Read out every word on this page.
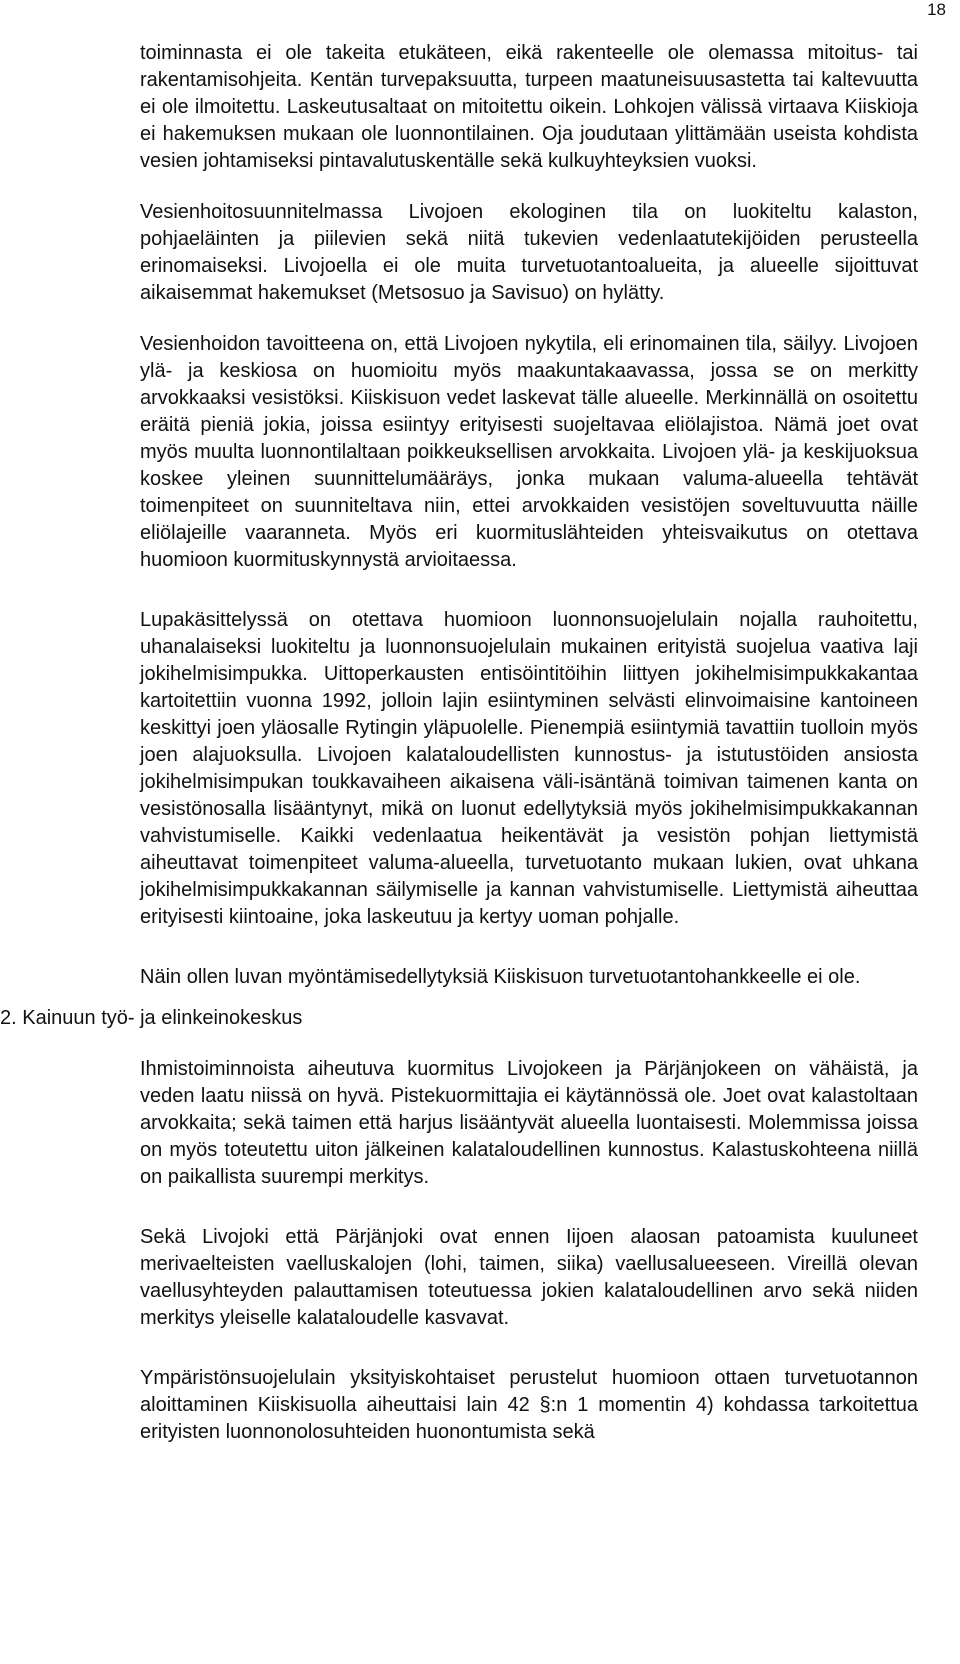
18

toiminnasta ei ole takeita etukäteen, eikä rakenteelle ole olemassa mitoitus- tai rakentamisohjeita. Kentän turvepaksuutta, turpeen maatuneisuusastetta tai kaltevuutta ei ole ilmoitettu. Laskeutusaltaat on mitoitettu oikein. Lohkojen välissä virtaava Kiiskioja ei hakemuksen mukaan ole luonnontilainen. Oja joudutaan ylittämään useista kohdista vesien johtamiseksi pintavalutuskentälle sekä kulkuyhteyksien vuoksi.

Vesienhoitosuunnitelmassa Livojoen ekologinen tila on luokiteltu kalaston, pohjaeläinten ja piilevien sekä niitä tukevien vedenlaatutekijöiden perusteella erinomaiseksi. Livojoella ei ole muita turvetuotantoalueita, ja alueelle sijoittuvat aikaisemmat hakemukset (Metsosuo ja Savisuo) on hylätty.

Vesienhoidon tavoitteena on, että Livojoen nykytila, eli erinomainen tila, säilyy. Livojoen ylä- ja keskiosa on huomioitu myös maakuntakaavassa, jossa se on merkitty arvokkaaksi vesistöksi. Kiiskisuon vedet laskevat tälle alueelle. Merkinnällä on osoitettu eräitä pieniä jokia, joissa esiintyy erityisesti suojeltavaa eliölajistoa. Nämä joet ovat myös muulta luonnontilaltaan poikkeuksellisen arvokkaita. Livojoen ylä- ja keskijuoksua koskee yleinen suunnittelumääräys, jonka mukaan valuma-alueella tehtävät toimenpiteet on suunniteltava niin, ettei arvokkaiden vesistöjen soveltuvuutta näille eliölajeille vaaranneta. Myös eri kuormituslähteiden yhteisvaikutus on otettava huomioon kuormituskynnystä arvioitaessa.

Lupakäsittelyssä on otettava huomioon luonnonsuojelulain nojalla rauhoitettu, uhanalaiseksi luokiteltu ja luonnonsuojelulain mukainen erityistä suojelua vaativa laji jokihelmisimpukka. Uittoperkausten entisöintitöihin liittyen jokihelmisimpukkakantaa kartoitettiin vuonna 1992, jolloin lajin esiintyminen selvästi elinvoimaisine kantoineen keskittyi joen yläosalle Rytingin yläpuolelle. Pienempiä esiintymiä tavattiin tuolloin myös joen alajuoksulla. Livojoen kalataloudellisten kunnostus- ja istutustöiden ansiosta jokihelmisimpukan toukkavaiheen aikaisena väli-isäntänä toimivan taimenen kanta on vesistönosalla lisääntynyt, mikä on luonut edellytyksiä myös jokihelmisimpukkakannan vahvistumiselle. Kaikki vedenlaatua heikentävät ja vesistön pohjan liettymistä aiheuttavat toimenpiteet valuma-alueella, turvetuotanto mukaan lukien, ovat uhkana jokihelmisimpukkakannan säilymiselle ja kannan vahvistumiselle. Liettymistä aiheuttaa erityisesti kiintoaine, joka laskeutuu ja kertyy uoman pohjalle.

Näin ollen luvan myöntämisedellytyksiä Kiiskisuon turvetuotantohankkeelle ei ole.

2. Kainuun työ- ja elinkeinokeskus

Ihmistoiminnoista aiheutuva kuormitus Livojokeen ja Pärjänjokeen on vähäistä, ja veden laatu niissä on hyvä. Pistekuormittajia ei käytännössä ole. Joet ovat kalastoltaan arvokkaita; sekä taimen että harjus lisääntyvät alueella luontaisesti. Molemmissa joissa on myös toteutettu uiton jälkeinen kalataloudellinen kunnostus. Kalastuskohteena niillä on paikallista suurempi merkitys.

Sekä Livojoki että Pärjänjoki ovat ennen Iijoen alaosan patoamista kuuluneet merivaelteisten vaelluskalojen (lohi, taimen, siika) vaellusalueeseen. Vireillä olevan vaellusyhteyden palauttamisen toteutuessa jokien kalataloudellinen arvo sekä niiden merkitys yleiselle kalataloudelle kasvavat.

Ympäristönsuojelulain yksityiskohtaiset perustelut huomioon ottaen turvetuotannon aloittaminen Kiiskisuolla aiheuttaisi lain 42 §:n 1 momentin 4) kohdassa tarkoitettua erityisten luonnonolosuhteiden huonontumista sekä
